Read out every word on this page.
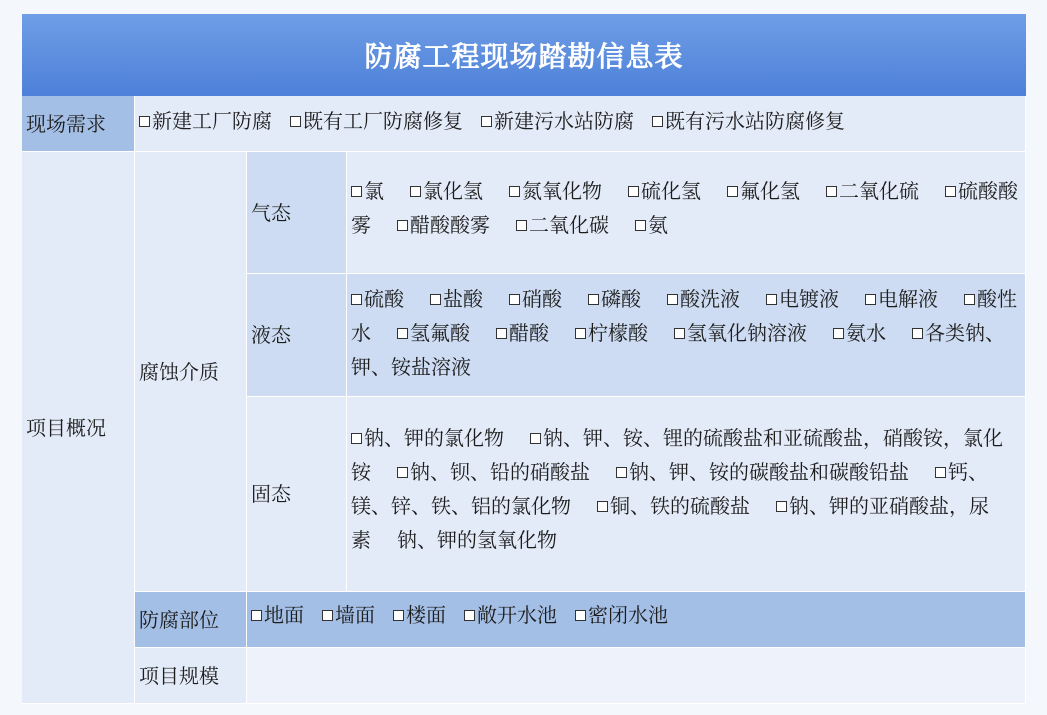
防腐工程现场踏勘信息表
现场需求	新建工厂防腐 既有工厂防腐修复 新建污水站防腐 既有污水站防腐修复
项目概况
腐蚀介质
气态
氯 氯化氢 氮氧化物 硫化氢 氟化氢 二氧化硫 硫酸酸雾 醋酸酸雾 二氧化碳 氨
液态
硫酸 盐酸 硝酸 磷酸 酸洗液 电镀液 电解液 酸性水 氢氟酸 醋酸 柠檬酸 氢氧化钠溶液 氨水 各类钠、钾、铵盐溶液
固态
钠、钾的氯化物 钠、钾、铵、锂的硫酸盐和亚硫酸盐，硝酸铵，氯化铵 钠、钡、铅的硝酸盐 钠、钾、铵的碳酸盐和碳酸铅盐 钙、镁、锌、铁、铝的氯化物 铜、铁的硫酸盐 钠、钾的亚硝酸盐，尿素 钠、钾的氢氧化物
防腐部位	地面 墙面 楼面 敞开水池 密闭水池
项目规模
